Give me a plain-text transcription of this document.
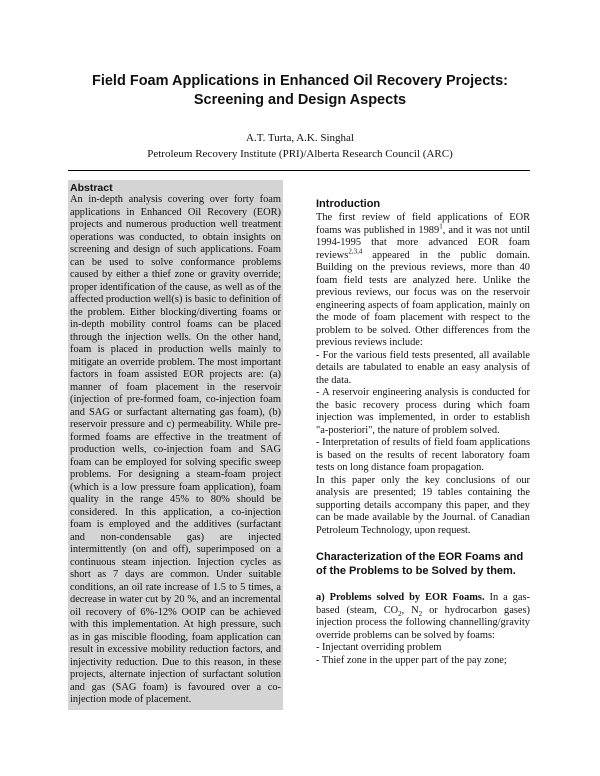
Field Foam Applications in Enhanced Oil Recovery Projects:
Screening and Design Aspects
A.T. Turta, A.K. Singhal
Petroleum Recovery Institute (PRI)/Alberta Research Council (ARC)
Abstract

An in-depth analysis covering over forty foam applications in Enhanced Oil Recovery (EOR) projects and numerous production well treatment operations was conducted, to obtain insights on screening and design of such applications. Foam can be used to solve conformance problems caused by either a thief zone or gravity override; proper identification of the cause, as well as of the affected production well(s) is basic to definition of the problem. Either blocking/diverting foams or in-depth mobility control foams can be placed through the injection wells. On the other hand, foam is placed in production wells mainly to mitigate an override problem. The most important factors in foam assisted EOR projects are: (a) manner of foam placement in the reservoir (injection of pre-formed foam, co-injection foam and SAG or surfactant alternating gas foam), (b) reservoir pressure and c) permeability. While pre-formed foams are effective in the treatment of production wells, co-injection foam and SAG foam can be employed for solving specific sweep problems. For designing a steam-foam project (which is a low pressure foam application), foam quality in the range 45% to 80% should be considered. In this application, a co-injection foam is employed and the additives (surfactant and non-condensable gas) are injected intermittently (on and off), superimposed on a continuous steam injection. Injection cycles as short as 7 days are common. Under suitable conditions, an oil rate increase of 1.5 to 5 times, a decrease in water cut by 20 %, and an incremental oil recovery of 6%-12% OOIP can be achieved with this implementation. At high pressure, such as in gas miscible flooding, foam application can result in excessive mobility reduction factors, and injectivity reduction. Due to this reason, in these projects, alternate injection of surfactant solution and gas (SAG foam) is favoured over a co-injection mode of placement.

Introduction

The first review of field applications of EOR foams was published in 1989$^1$, and it was not until 1994-1995 that more advanced EOR foam reviews$^{2,3,4}$ appeared in the public domain. Building on the previous reviews, more than 40 foam field tests are analyzed here. Unlike the previous reviews, our focus was on the reservoir engineering aspects of foam application, mainly on the mode of foam placement with respect to the problem to be solved. Other differences from the previous reviews include:

- For the various field tests presented, all available details are tabulated to enable an easy analysis of the data.

- A reservoir engineering analysis is conducted for the basic recovery process during which foam injection was implemented, in order to establish "a-posteriori", the nature of problem solved.

- Interpretation of results of field foam applications is based on the results of recent laboratory foam tests on long distance foam propagation.

In this paper only the key conclusions of our analysis are presented; 19 tables containing the supporting details accompany this paper, and they can be made available by the Journal. of Canadian Petroleum Technology, upon request.

Characterization of the EOR Foams and of the Problems to be Solved by them.

a) Problems solved by EOR Foams. In a gas-based (steam, $CO_2$, $N_2$ or hydrocarbon gases) injection process the following channelling/gravity override problems can be solved by foams:

- Injectant overriding problem

- Thief zone in the upper part of the pay zone;
